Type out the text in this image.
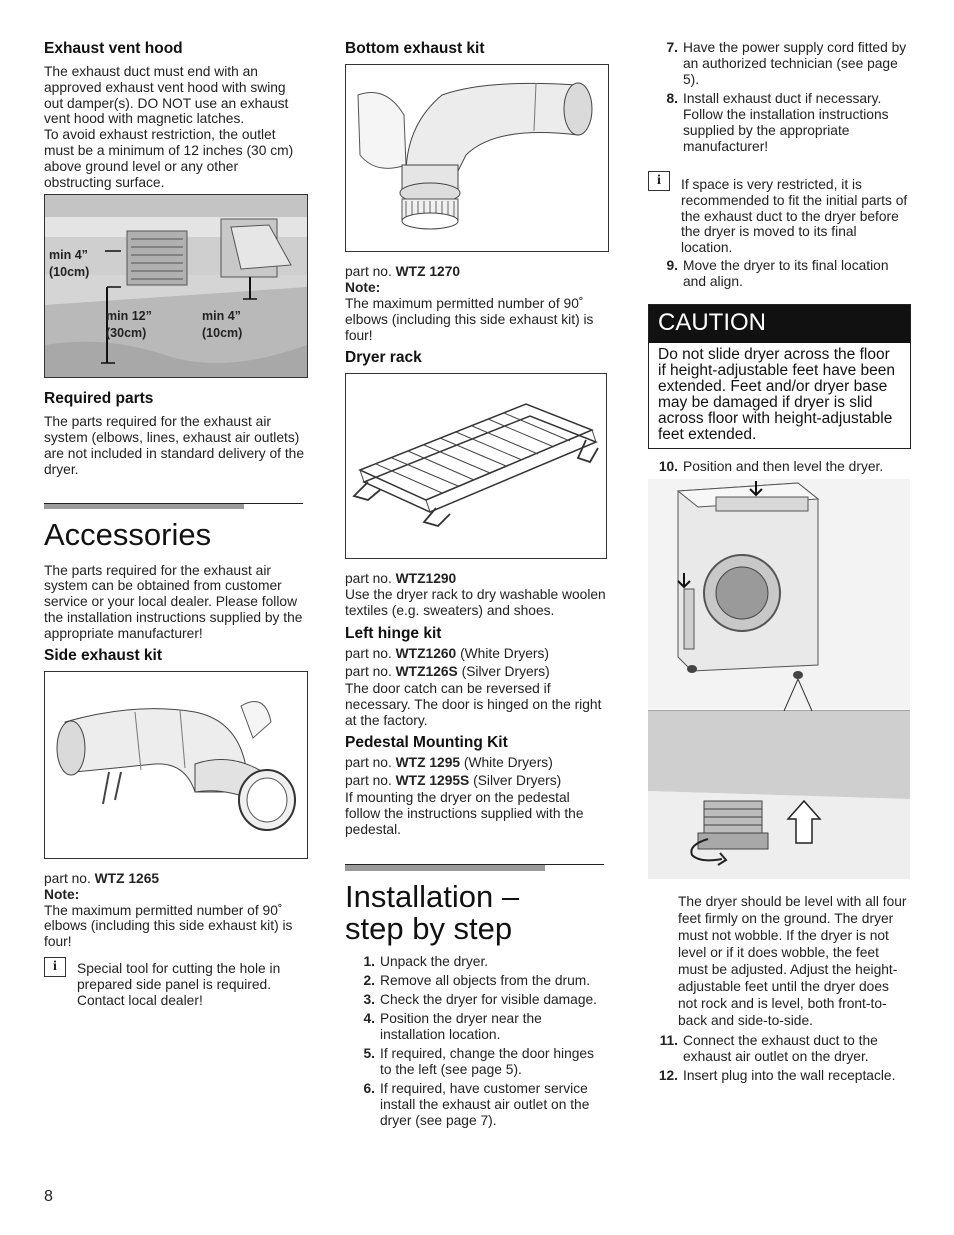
Exhaust vent hood

The exhaust duct must end with an approved exhaust vent hood with swing out damper(s). DO NOT use an exhaust vent hood with magnetic latches.

To avoid exhaust restriction, the outlet must be a minimum of 12 inches (30 cm) above ground level or any other obstructing surface.

min 4”
(10cm)
min 12”
(30cm)
min 4”
(10cm)
Required parts

The parts required for the exhaust air system (elbows, lines, exhaust air outlets) are not included in standard delivery of the dryer.

Accessories

The parts required for the exhaust air system can be obtained from customer service or your local dealer. Please follow the installation instructions supplied by the appropriate manufacturer!

Side exhaust kit
part no. WTZ 1265
Note:

The maximum permitted number of 90˚ elbows (including this side exhaust kit) is four!

i	Special tool for cutting the hole in prepared side panel is required. Contact local dealer!

Bottom exhaust kit
part no. WTZ 1270
Note:

The maximum permitted number of 90˚ elbows (including this side exhaust kit) is four!

Dryer rack
part no. WTZ1290

Use the dryer rack to dry washable woolen textiles (e.g. sweaters) and shoes.

Left hinge kit
part no. WTZ1260 (White Dryers)
part no. WTZ126S (Silver Dryers)

The door catch can be reversed if necessary. The door is hinged on the right at the factory.

Pedestal Mounting Kit
part no. WTZ 1295 (White Dryers)
part no. WTZ 1295S (Silver Dryers)

If mounting the dryer on the pedestal follow the instructions supplied with the pedestal.

Installation –
step by step
1. Unpack the dryer.
2. Remove all objects from the drum.
3. Check the dryer for visible damage.
4. Position the dryer near the installation location.
5. If required, change the door hinges to the left (see page 5).
6. If required, have customer service install the exhaust air outlet on the dryer (see page 7).
7. Have the power supply cord fitted by an authorized technician (see page 5).
8. Install exhaust duct if necessary. Follow the installation instructions supplied by the appropriate manufacturer!
i	If space is very restricted, it is recommended to fit the initial parts of the exhaust duct to the dryer before the dryer is moved to its final location.

9. Move the dryer to its final location and align.
CAUTION
Do not slide dryer across the floor if height-adjustable feet have been extended. Feet and/or dryer base may be damaged if dryer is slid across floor with height-adjustable feet extended.
10. Position and then level the dryer.

The dryer should be level with all four feet firmly on the ground. The dryer must not wobble. If the dryer is not level or if it does wobble, the feet must be adjusted. Adjust the height-adjustable feet until the dryer does not rock and is level, both front-to-back and side-to-side.

11. Connect the exhaust duct to the exhaust air outlet on the dryer.
12. Insert plug into the wall receptacle.
8
